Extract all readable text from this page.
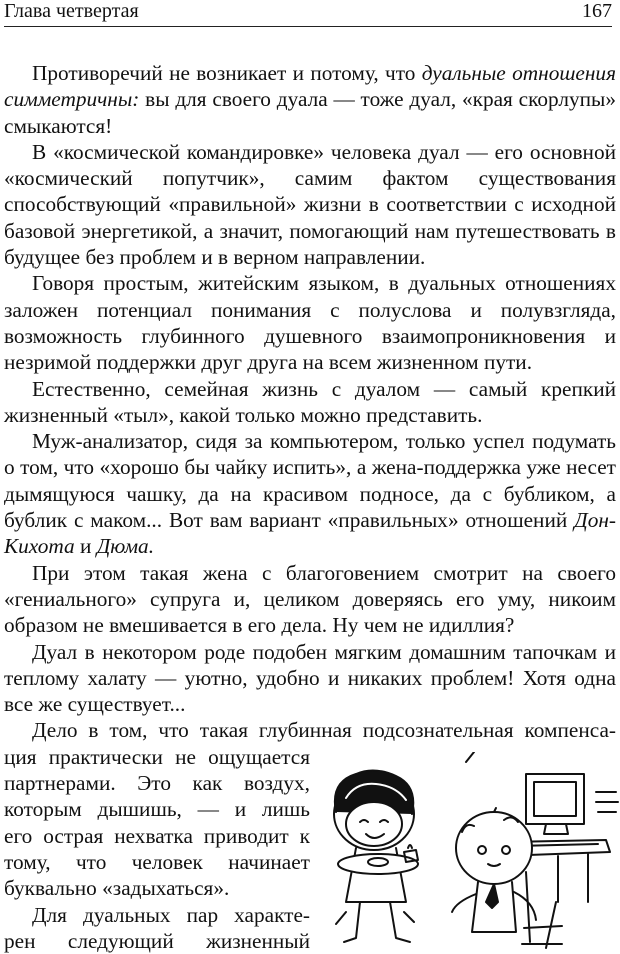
Глава четвертая	167

Противоречий не возникает и потому, что дуальные отношения симметричны: вы для своего дуала — тоже дуал, «края скорлупы» смыкаются!

В «космической командировке» человека дуал — его основной «космический попутчик», самим фактом существования способствующий «правильной» жизни в соответствии с исходной базовой энергетикой, а значит, помогающий нам путешествовать в будущее без проблем и в верном направлении.

Говоря простым, житейским языком, в дуальных отношениях заложен потенциал понимания с полуслова и полувзгляда, возможность глубинного душевного взаимопроникновения и незримой поддержки друг друга на всем жизненном пути.

Естественно, семейная жизнь с дуалом — самый крепкий жизненный «тыл», какой только можно представить.

Муж-анализатор, сидя за компьютером, только успел подумать о том, что «хорошо бы чайку испить», а жена-поддержка уже несет дымящуюся чашку, да на красивом подносе, да с бубликом, а бублик с маком... Вот вам вариант «правильных» отношений Дон-Кихота и Дюма.

При этом такая жена с благоговением смотрит на своего «гениального» супруга и, целиком доверяясь его уму, никоим образом не вмешивается в его дела. Ну чем не идиллия?

Дуал в некотором роде подобен мягким домашним тапочкам и теплому халату — уютно, удобно и никаких проблем! Хотя одна все же существует...

Дело в том, что такая глубинная подсознательная компенса-

ция практически не ощущается
партнерами. Это как воздух,
которым дышишь, — и лишь
его острая нехватка приводит к
тому, что человек начинает
буквально «задыхаться».
Для дуальных пар характе-
рен следующий жизненный
